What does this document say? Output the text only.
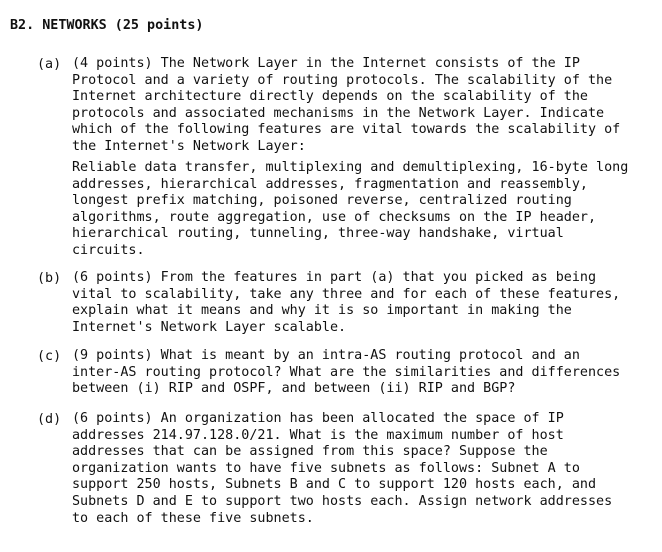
B2. NETWORKS (25 points)
(a) (4 points) The Network Layer in the Internet consists of the IP
Protocol and a variety of routing protocols. The scalability of the
Internet architecture directly depends on the scalability of the
protocols and associated mechanisms in the Network Layer. Indicate
which of the following features are vital towards the scalability of
the Internet's Network Layer:
Reliable data transfer, multiplexing and demultiplexing, 16-byte long
addresses, hierarchical addresses, fragmentation and reassembly,
longest prefix matching, poisoned reverse, centralized routing
algorithms, route aggregation, use of checksums on the IP header,
hierarchical routing, tunneling, three-way handshake, virtual
circuits.
(b) (6 points) From the features in part (a) that you picked as being
vital to scalability, take any three and for each of these features,
explain what it means and why it is so important in making the
Internet's Network Layer scalable.
(c) (9 points) What is meant by an intra-AS routing protocol and an
inter-AS routing protocol? What are the similarities and differences
between (i) RIP and OSPF, and between (ii) RIP and BGP?
(d) (6 points) An organization has been allocated the space of IP
addresses 214.97.128.0/21. What is the maximum number of host
addresses that can be assigned from this space? Suppose the
organization wants to have five subnets as follows: Subnet A to
support 250 hosts, Subnets B and C to support 120 hosts each, and
Subnets D and E to support two hosts each. Assign network addresses
to each of these five subnets.
